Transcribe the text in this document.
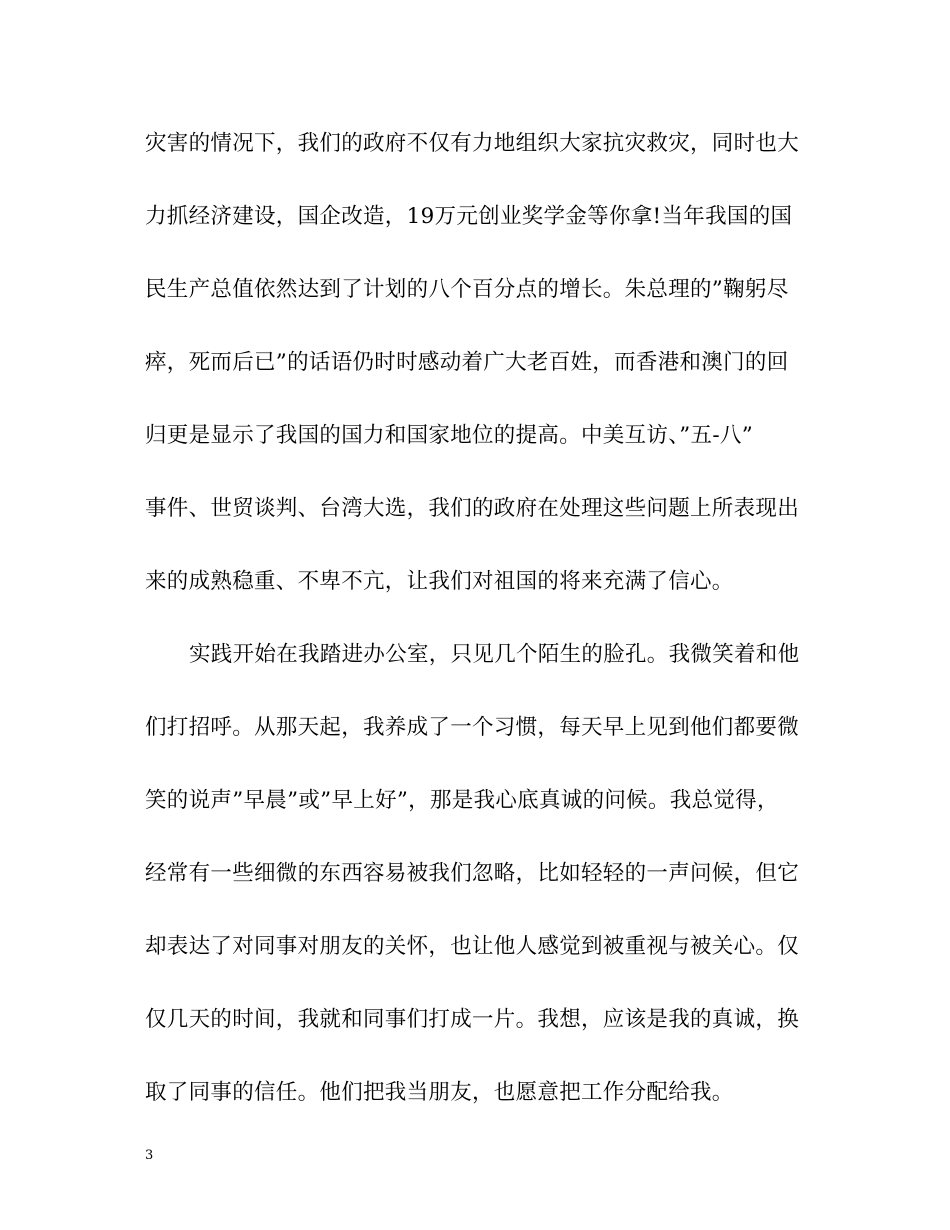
灾害的情况下，我们的政府不仅有力地组织大家抗灾救灾，同时也大
力抓经济建设，国企改造，19万元创业奖学金等你拿!当年我国的国
民生产总值依然达到了计划的八个百分点的增长。朱总理的”鞠躬尽
瘁，死而后已”的话语仍时时感动着广大老百姓，而香港和澳门的回
归更是显示了我国的国力和国家地位的提高。中美互访、”五-八”
事件、世贸谈判、台湾大选，我们的政府在处理这些问题上所表现出
来的成熟稳重、不卑不亢，让我们对祖国的将来充满了信心。
实践开始在我踏进办公室，只见几个陌生的脸孔。我微笑着和他
们打招呼。从那天起，我养成了一个习惯，每天早上见到他们都要微
笑的说声”早晨”或”早上好”，那是我心底真诚的问候。我总觉得，
经常有一些细微的东西容易被我们忽略，比如轻轻的一声问候，但它
却表达了对同事对朋友的关怀，也让他人感觉到被重视与被关心。仅
仅几天的时间，我就和同事们打成一片。我想，应该是我的真诚，换
取了同事的信任。他们把我当朋友，也愿意把工作分配给我。
3
